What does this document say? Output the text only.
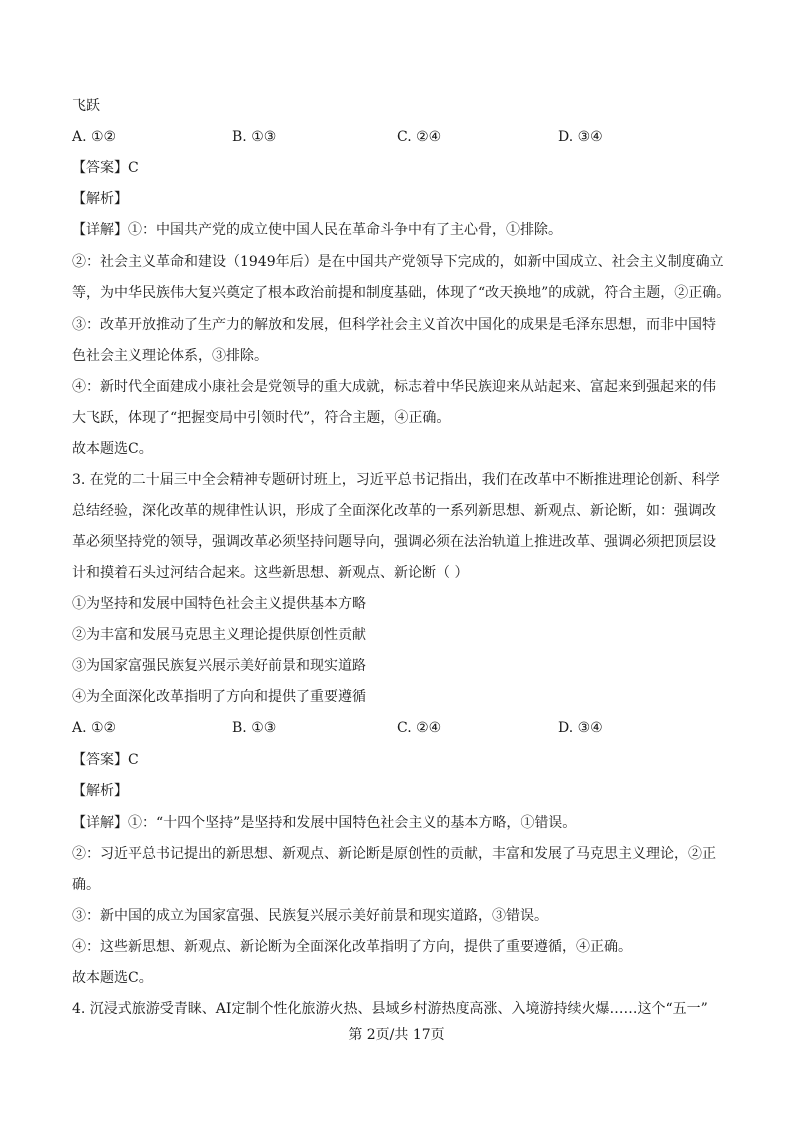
飞跃
A. ①②	B. ①③	C. ②④	D. ③④
【答案】C
【解析】
【详解】①：中国共产党的成立使中国人民在革命斗争中有了主心骨，①排除。
②：社会主义革命和建设（1949年后）是在中国共产党领导下完成的，如新中国成立、社会主义制度确立
等，为中华民族伟大复兴奠定了根本政治前提和制度基础，体现了“改天换地”的成就，符合主题，②正确。
③：改革开放推动了生产力的解放和发展，但科学社会主义首次中国化的成果是毛泽东思想，而非中国特
色社会主义理论体系，③排除。
④：新时代全面建成小康社会是党领导的重大成就，标志着中华民族迎来从站起来、富起来到强起来的伟
大飞跃，体现了“把握变局中引领时代”，符合主题，④正确。
故本题选C。
3. 在党的二十届三中全会精神专题研讨班上，习近平总书记指出，我们在改革中不断推进理论创新、科学
总结经验，深化改革的规律性认识，形成了全面深化改革的一系列新思想、新观点、新论断，如：强调改
革必须坚持党的领导，强调改革必须坚持问题导向，强调必须在法治轨道上推进改革、强调必须把顶层设
计和摸着石头过河结合起来。这些新思想、新观点、新论断（ ）
①为坚持和发展中国特色社会主义提供基本方略
②为丰富和发展马克思主义理论提供原创性贡献
③为国家富强民族复兴展示美好前景和现实道路
④为全面深化改革指明了方向和提供了重要遵循
A. ①②	B. ①③	C. ②④	D. ③④
【答案】C
【解析】
【详解】①：“十四个坚持”是坚持和发展中国特色社会主义的基本方略，①错误。
②：习近平总书记提出的新思想、新观点、新论断是原创性的贡献，丰富和发展了马克思主义理论，②正
确。
③：新中国的成立为国家富强、民族复兴展示美好前景和现实道路，③错误。
④：这些新思想、新观点、新论断为全面深化改革指明了方向，提供了重要遵循，④正确。
故本题选C。
4. 沉浸式旅游受青睐、AI定制个性化旅游火热、县域乡村游热度高涨、入境游持续火爆……这个“五一”
第 2页/共 17页
